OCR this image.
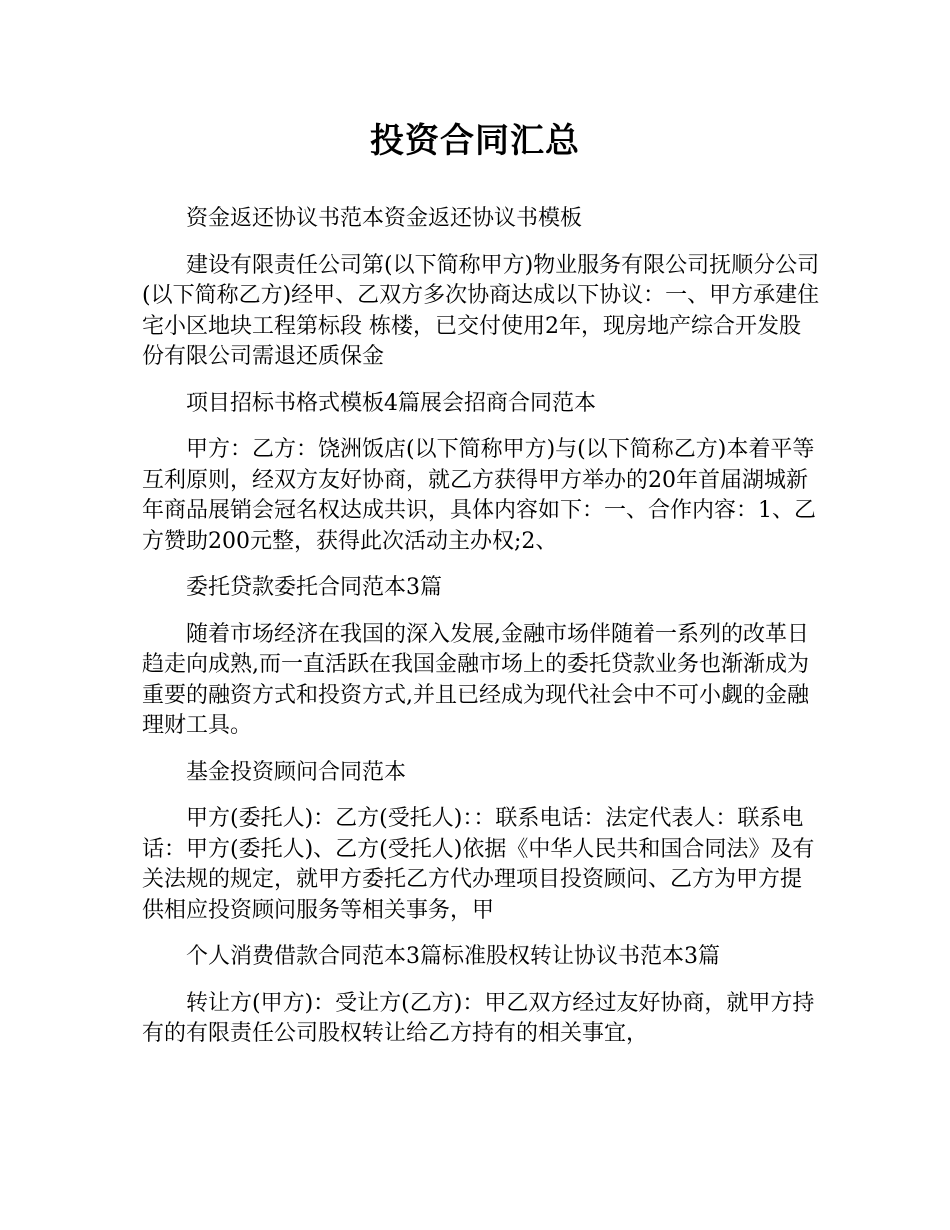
投资合同汇总

资金返还协议书范本资金返还协议书模板

建设有限责任公司第(以下简称甲方)物业服务有限公司抚顺分公司(以下简称乙方)经甲、乙双方多次协商达成以下协议：一、甲方承建住宅小区地块工程第标段 栋楼，已交付使用2年，现房地产综合开发股份有限公司需退还质保金

项目招标书格式模板4篇展会招商合同范本

甲方：乙方：饶洲饭店(以下简称甲方)与(以下简称乙方)本着平等互利原则，经双方友好协商，就乙方获得甲方举办的20年首届湖城新年商品展销会冠名权达成共识，具体内容如下：一、合作内容：1、乙方赞助200元整，获得此次活动主办权;2、

委托贷款委托合同范本3篇

随着市场经济在我国的深入发展,金融市场伴随着一系列的改革日趋走向成熟,而一直活跃在我国金融市场上的委托贷款业务也渐渐成为重要的融资方式和投资方式,并且已经成为现代社会中不可小觑的金融理财工具。

基金投资顾问合同范本

甲方(委托人)：乙方(受托人)：：联系电话：法定代表人：联系电话：甲方(委托人)、乙方(受托人)依据《中华人民共和国合同法》及有关法规的规定，就甲方委托乙方代办理项目投资顾问、乙方为甲方提供相应投资顾问服务等相关事务，甲

个人消费借款合同范本3篇标准股权转让协议书范本3篇

转让方(甲方)：受让方(乙方)：甲乙双方经过友好协商，就甲方持有的有限责任公司股权转让给乙方持有的相关事宜，
